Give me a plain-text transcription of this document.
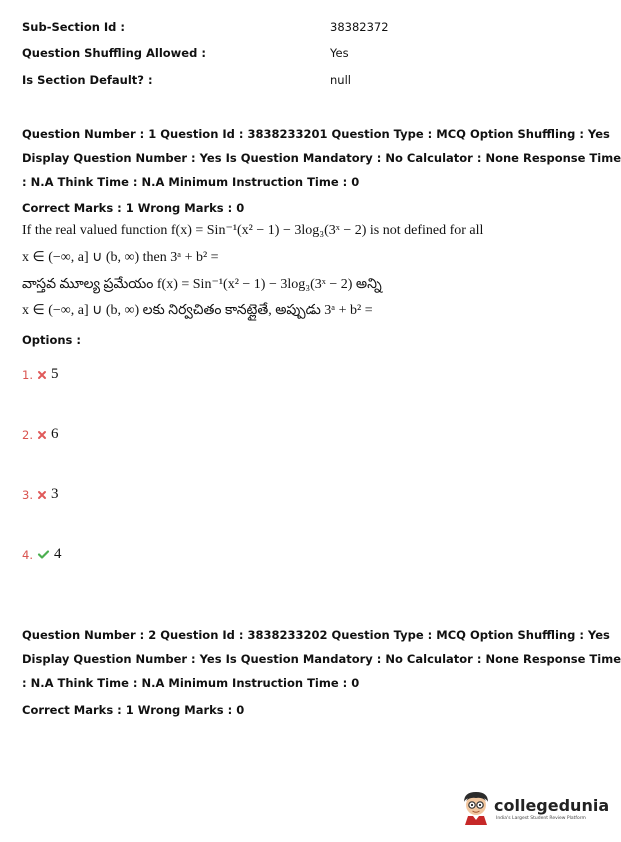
Sub-Section Id :	38382372
Question Shuffling Allowed :	Yes
Is Section Default? :	null
Question Number : 1 Question Id : 3838233201 Question Type : MCQ Option Shuffling : Yes
Display Question Number : Yes Is Question Mandatory : No Calculator : None Response Time
: N.A Think Time : N.A Minimum Instruction Time : 0
Correct Marks : 1 Wrong Marks : 0
If the real valued function f(x) = Sin⁻¹(x² − 1) − 3log₃(3ˣ − 2) is not defined for all
x ∈ (−∞, a] ∪ (b, ∞) then 3ᵃ + b² =
వాస్తవ మూల్య ప్రమేయం f(x) = Sin⁻¹(x² − 1) − 3log₃(3ˣ − 2) అన్ని
x ∈ (−∞, a] ∪ (b, ∞) లకు నిర్వచితం కానట్లైతే, అప్పుడు 3ᵃ + b² =
Options :
1. 5
2. 6
3. 3
4. 4
Question Number : 2 Question Id : 3838233202 Question Type : MCQ Option Shuffling : Yes
Display Question Number : Yes Is Question Mandatory : No Calculator : None Response Time
: N.A Think Time : N.A Minimum Instruction Time : 0
Correct Marks : 1 Wrong Marks : 0
collegedunia
India's Largest Student Review Platform
